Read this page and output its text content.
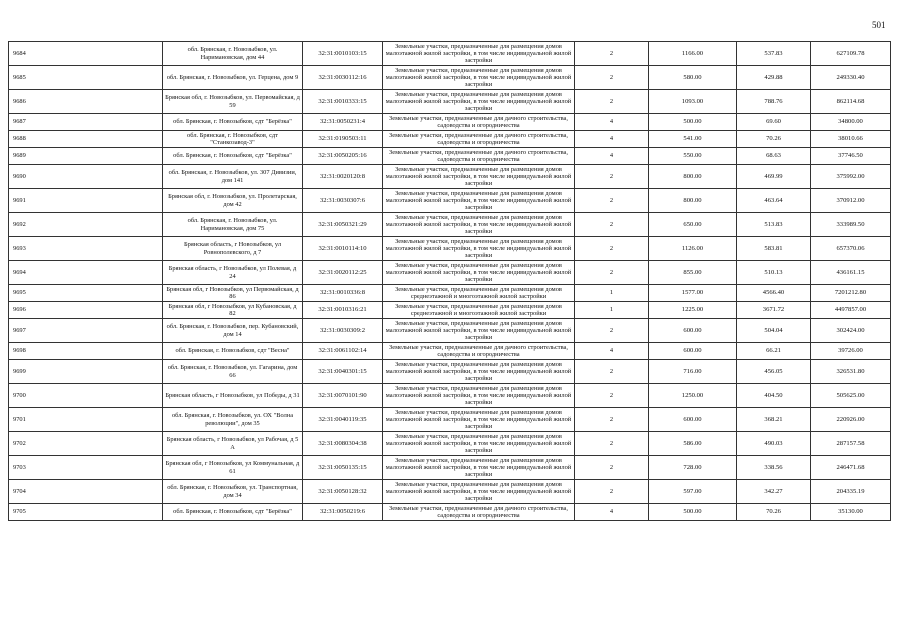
501
9684	обл. Брянская, г. Новозыбков, ул. Наримановская, дом 44	32:31:0010103:15	Земельные участки, предназначенные для размещения домов малоэтажной жилой застройки, в том числе индивидуальной жилой застройки	2	1166.00	537.83	627109.78
9685	обл. Брянская, г. Новозыбков, ул. Герцена, дом 9	32:31:0030112:16	Земельные участки, предназначенные для размещения домов малоэтажной жилой застройки, в том числе индивидуальной жилой застройки	2	580.00	429.88	249330.40
9686	Брянская обл, г. Новозыбков, ул. Первомайская, д 59	32:31:0010333:15	Земельные участки, предназначенные для размещения домов малоэтажной жилой застройки, в том числе индивидуальной жилой застройки	2	1093.00	788.76	862114.68
9687	обл. Брянская, г. Новозыбков, сдт "Берёзка"	32:31:0050231:4	Земельные участки, предназначенные для дачного строительства, садоводства и огородничества	4	500.00	69.60	34800.00
9688	обл. Брянская, г. Новозыбков, сдт "Станкозавод-3"	32:31:0190503:11	Земельные участки, предназначенные для дачного строительства, садоводства и огородничества	4	541.00	70.26	38010.66
9689	обл. Брянская, г. Новозыбков, сдт "Берёзка"	32:31:0050205:16	Земельные участки, предназначенные для дачного строительства, садоводства и огородничества	4	550.00	68.63	37746.50
9690	обл. Брянская, г. Новозыбков, ул. 307 Дивизии, дом 141	32:31:0020120:8	Земельные участки, предназначенные для размещения домов малоэтажной жилой застройки, в том числе индивидуальной жилой застройки	2	800.00	469.99	375992.00
9691	Брянская обл, г. Новозыбков, ул. Пролетарская, дом 42	32:31:0030307:6	Земельные участки, предназначенные для размещения домов малоэтажной жилой застройки, в том числе индивидуальной жилой застройки	2	800.00	463.64	370912.00
9692	обл. Брянская, г. Новозыбков, ул. Наримановская, дом 75	32:31:0050321:29	Земельные участки, предназначенные для размещения домов малоэтажной жилой застройки, в том числе индивидуальной жилой застройки	2	650.00	513.83	333989.50
9693	Брянская область, г Новозыбков, ул Ровнополевского, д 7	32:31:0010114:10	Земельные участки, предназначенные для размещения домов малоэтажной жилой застройки, в том числе индивидуальной жилой застройки	2	1126.00	583.81	657370.06
9694	Брянская область, г Новозыбков, ул Полевая, д 24	32:31:0020112:25	Земельные участки, предназначенные для размещения домов малоэтажной жилой застройки, в том числе индивидуальной жилой застройки	2	855.00	510.13	436161.15
9695	Брянская обл, г Новозыбков, ул Первомайская, д 86	32:31:0010336:8	Земельные участки, предназначенные для размещения домов среднеэтажной и многоэтажной жилой застройки	1	1577.00	4566.40	7201212.80
9696	Брянская обл, г Новозыбков, ул Кубановская, д 82	32:31:0010316:21	Земельные участки, предназначенные для размещения домов среднеэтажной и многоэтажной жилой застройки	1	1225.00	3671.72	4497857.00
9697	обл. Брянская, г. Новозыбков, пер. Кубановский, дом 14	32:31:0030309:2	Земельные участки, предназначенные для размещения домов малоэтажной жилой застройки, в том числе индивидуальной жилой застройки	2	600.00	504.04	302424.00
9698	обл. Брянская, г. Новозыбков, сдт "Весна"	32:31:0061102:14	Земельные участки, предназначенные для дачного строительства, садоводства и огородничества	4	600.00	66.21	39726.00
9699	обл. Брянская, г. Новозыбков, ул. Гагарина, дом 66	32:31:0040301:15	Земельные участки, предназначенные для размещения домов малоэтажной жилой застройки, в том числе индивидуальной жилой застройки	2	716.00	456.05	326531.80
9700	Брянская область, г Новозыбков, ул Победы, д 31	32:31:0070101:90	Земельные участки, предназначенные для размещения домов малоэтажной жилой застройки, в том числе индивидуальной жилой застройки	2	1250.00	404.50	505625.00
9701	обл. Брянская, г. Новозыбков, ул. ОХ "Волна революции", дом 35	32:31:0040119:35	Земельные участки, предназначенные для размещения домов малоэтажной жилой застройки, в том числе индивидуальной жилой застройки	2	600.00	368.21	220926.00
9702	Брянская область, г Новозыбков, ул Рабочая, д 5 А	32:31:0080304:38	Земельные участки, предназначенные для размещения домов малоэтажной жилой застройки, в том числе индивидуальной жилой застройки	2	586.00	490.03	287157.58
9703	Брянская обл, г Новозыбков, ул Коммунальная, д 61	32:31:0050135:15	Земельные участки, предназначенные для размещения домов малоэтажной жилой застройки, в том числе индивидуальной жилой застройки	2	728.00	338.56	246471.68
9704	обл. Брянская, г. Новозыбков, ул. Транспортная, дом 34	32:31:0050128:32	Земельные участки, предназначенные для размещения домов малоэтажной жилой застройки, в том числе индивидуальной жилой застройки	2	597.00	342.27	204335.19
9705	обл. Брянская, г. Новозыбков, сдт "Берёзка"	32:31:0050219:6	Земельные участки, предназначенные для дачного строительства, садоводства и огородничества	4	500.00	70.26	35130.00
